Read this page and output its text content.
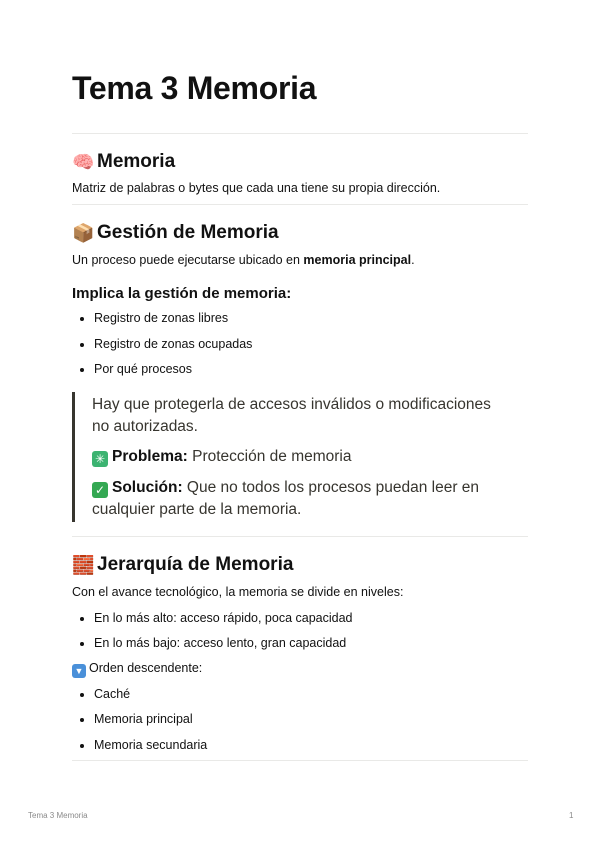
Tema 3 Memoria
🧠 Memoria

Matriz de palabras o bytes que cada una tiene su propia dirección.

📦 Gestión de Memoria

Un proceso puede ejecutarse ubicado en memoria principal.

Implica la gestión de memoria:
Registro de zonas libres
Registro de zonas ocupadas
Por qué procesos
Hay que protegerla de accesos inválidos o modificaciones
no autorizadas.
✳ Problema: Protección de memoria
✓ Solución: Que no todos los procesos puedan leer en
cualquier parte de la memoria.
🧱 Jerarquía de Memoria

Con el avance tecnológico, la memoria se divide en niveles:

En lo más alto: acceso rápido, poca capacidad
En lo más bajo: acceso lento, gran capacidad

▼ Orden descendente:

Caché
Memoria principal
Memoria secundaria
Tema 3 Memoria	1
